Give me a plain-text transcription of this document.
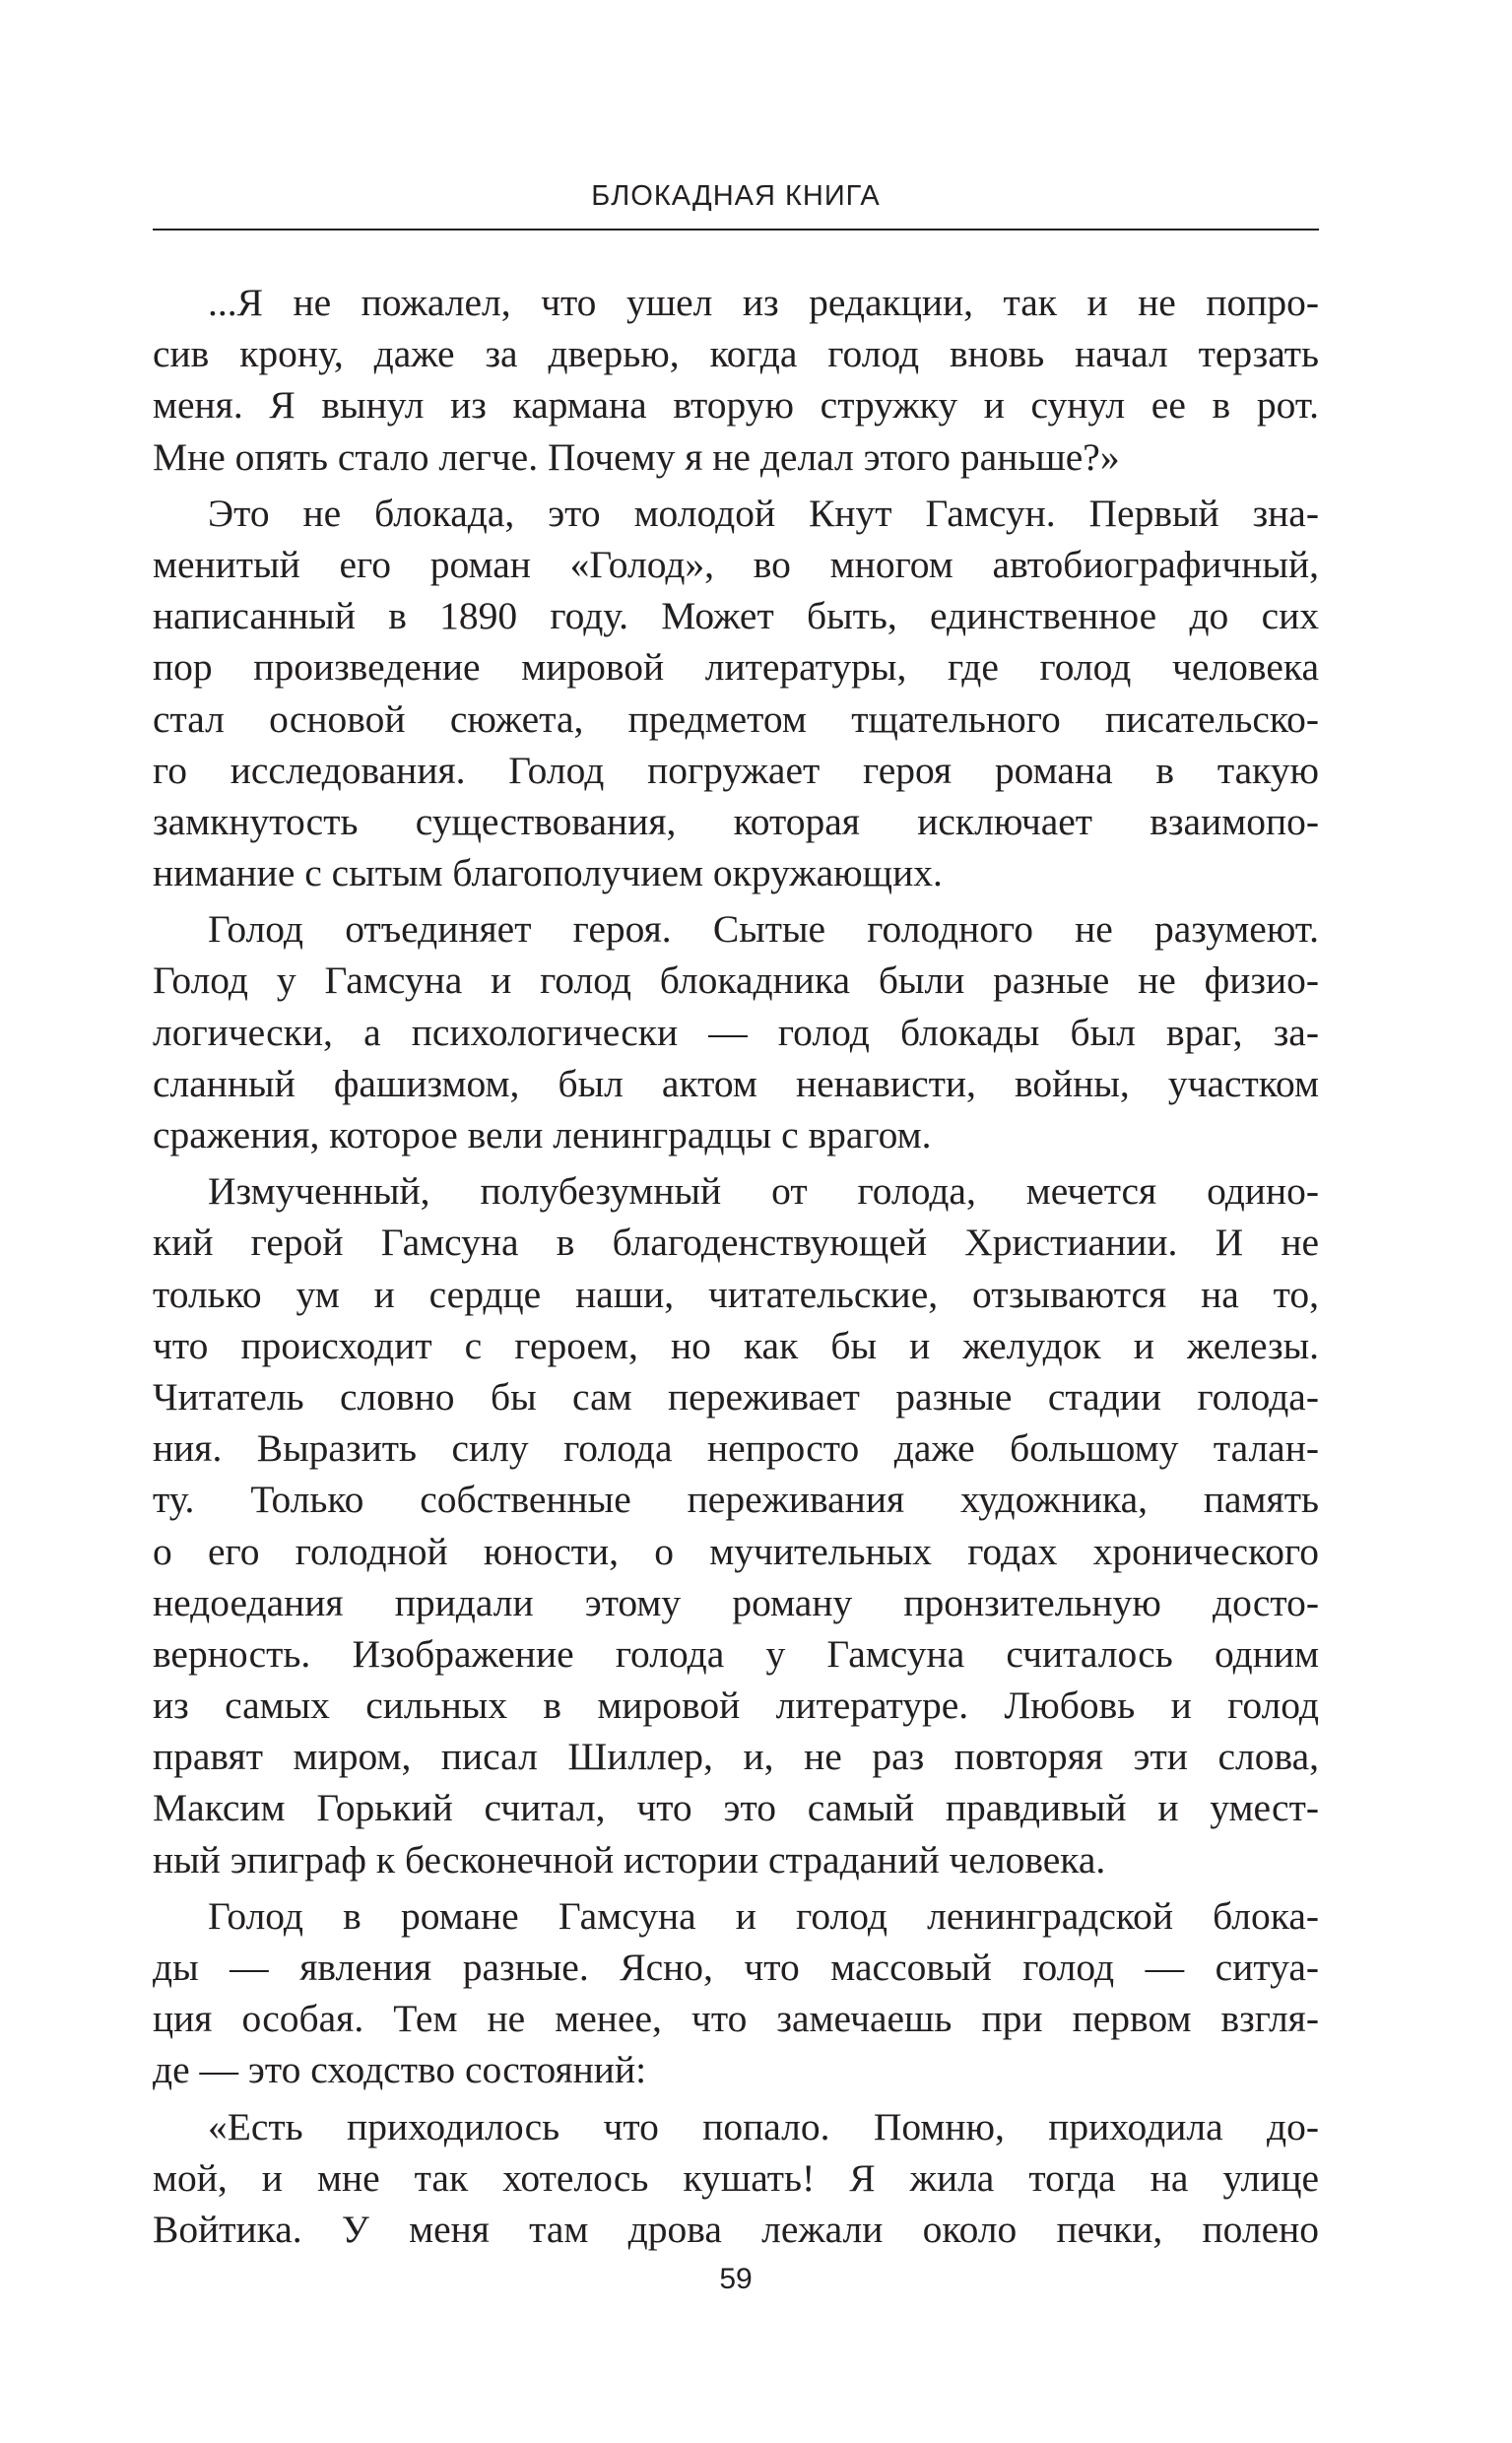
БЛОКАДНАЯ КНИГА
...Я не пожалел, что ушел из редакции, так и не попро-
сив крону, даже за дверью, когда голод вновь начал терзать
меня. Я вынул из кармана вторую стружку и сунул ее в рот.
Мне опять стало легче. Почему я не делал этого раньше?»
Это не блокада, это молодой Кнут Гамсун. Первый зна-
менитый его роман «Голод», во многом автобиографичный,
написанный в 1890 году. Может быть, единственное до сих
пор произведение мировой литературы, где голод человека
стал основой сюжета, предметом тщательного писательско-
го исследования. Голод погружает героя романа в такую
замкнутость существования, которая исключает взаимопо-
нимание с сытым благополучием окружающих.
Голод отъединяет героя. Сытые голодного не разумеют.
Голод у Гамсуна и голод блокадника были разные не физио-
логически, а психологически — голод блокады был враг, за-
сланный фашизмом, был актом ненависти, войны, участком
сражения, которое вели ленинградцы с врагом.
Измученный, полубезумный от голода, мечется одино-
кий герой Гамсуна в благоденствующей Христиании. И не
только ум и сердце наши, читательские, отзываются на то,
что происходит с героем, но как бы и желудок и железы.
Читатель словно бы сам переживает разные стадии голода-
ния. Выразить силу голода непросто даже большому талан-
ту. Только собственные переживания художника, память
о его голодной юности, о мучительных годах хронического
недоедания придали этому роману пронзительную досто-
верность. Изображение голода у Гамсуна считалось одним
из самых сильных в мировой литературе. Любовь и голод
правят миром, писал Шиллер, и, не раз повторяя эти слова,
Максим Горький считал, что это самый правдивый и умест-
ный эпиграф к бесконечной истории страданий человека.
Голод в романе Гамсуна и голод ленинградской блока-
ды — явления разные. Ясно, что массовый голод — ситуа-
ция особая. Тем не менее, что замечаешь при первом взгля-
де — это сходство состояний:
«Есть приходилось что попало. Помню, приходила до-
мой, и мне так хотелось кушать! Я жила тогда на улице
Войтика. У меня там дрова лежали около печки, полено
59
